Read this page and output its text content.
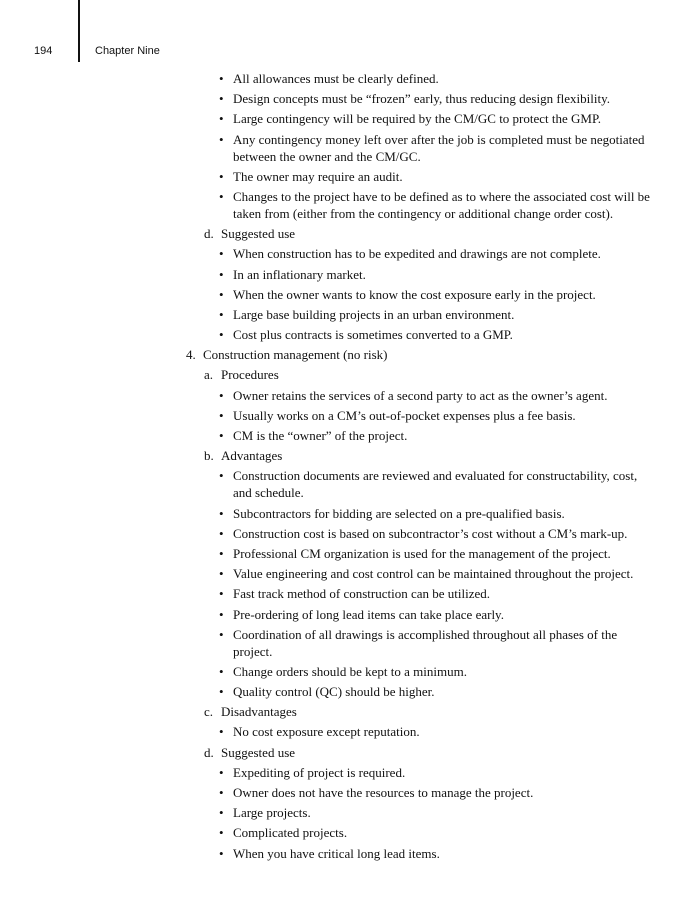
194	Chapter Nine
• All allowances must be clearly defined.
• Design concepts must be “frozen” early, thus reducing design flexibility.
• Large contingency will be required by the CM/GC to protect the GMP.
• Any contingency money left over after the job is completed must be negotiated between the owner and the CM/GC.
• The owner may require an audit.
• Changes to the project have to be defined as to where the associated cost will be taken from (either from the contingency or additional change order cost).
d. Suggested use
• When construction has to be expedited and drawings are not complete.
• In an inflationary market.
• When the owner wants to know the cost exposure early in the project.
• Large base building projects in an urban environment.
• Cost plus contracts is sometimes converted to a GMP.
4. Construction management (no risk)
a. Procedures
• Owner retains the services of a second party to act as the owner’s agent.
• Usually works on a CM’s out-of-pocket expenses plus a fee basis.
• CM is the “owner” of the project.
b. Advantages
• Construction documents are reviewed and evaluated for constructability, cost, and schedule.
• Subcontractors for bidding are selected on a pre-qualified basis.
• Construction cost is based on subcontractor’s cost without a CM’s mark-up.
• Professional CM organization is used for the management of the project.
• Value engineering and cost control can be maintained throughout the project.
• Fast track method of construction can be utilized.
• Pre-ordering of long lead items can take place early.
• Coordination of all drawings is accomplished throughout all phases of the project.
• Change orders should be kept to a minimum.
• Quality control (QC) should be higher.
c. Disadvantages
• No cost exposure except reputation.
d. Suggested use
• Expediting of project is required.
• Owner does not have the resources to manage the project.
• Large projects.
• Complicated projects.
• When you have critical long lead items.
